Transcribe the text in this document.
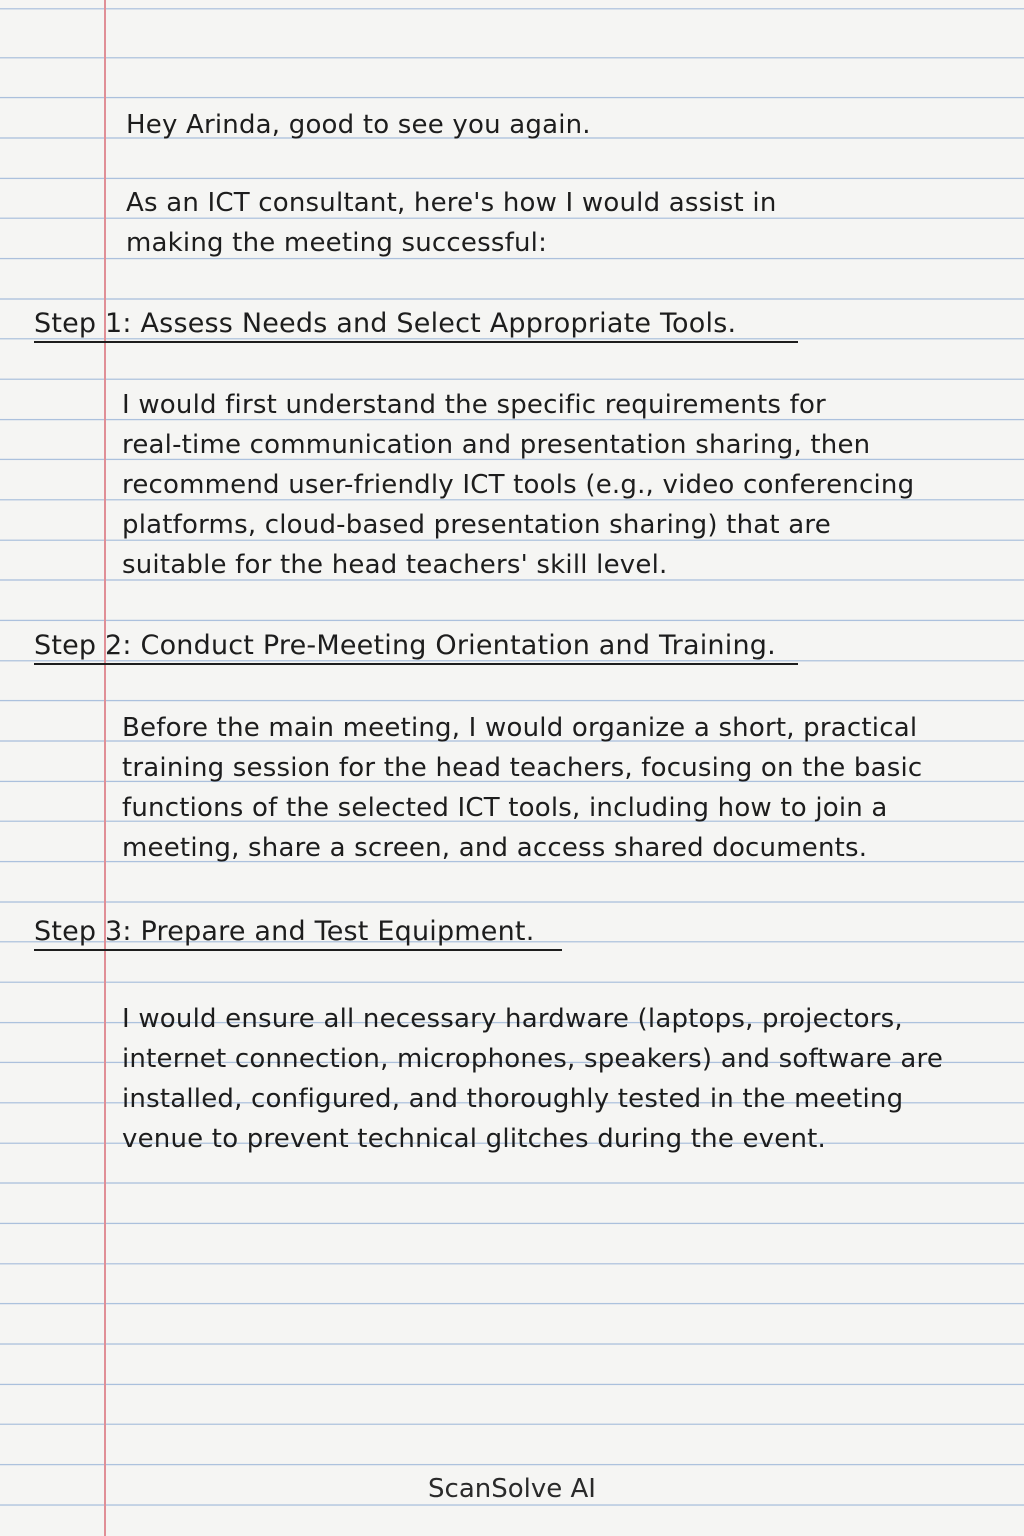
Hey Arinda, good to see you again.
As an ICT consultant, here's how I would assist in
making the meeting successful:
Step 1: Assess Needs and Select Appropriate Tools.
I would first understand the specific requirements for
real-time communication and presentation sharing, then
recommend user-friendly ICT tools (e.g., video conferencing
platforms, cloud-based presentation sharing) that are
suitable for the head teachers' skill level.
Step 2: Conduct Pre-Meeting Orientation and Training.
Before the main meeting, I would organize a short, practical
training session for the head teachers, focusing on the basic
functions of the selected ICT tools, including how to join a
meeting, share a screen, and access shared documents.
Step 3: Prepare and Test Equipment.
I would ensure all necessary hardware (laptops, projectors,
internet connection, microphones, speakers) and software are
installed, configured, and thoroughly tested in the meeting
venue to prevent technical glitches during the event.
ScanSolve AI
